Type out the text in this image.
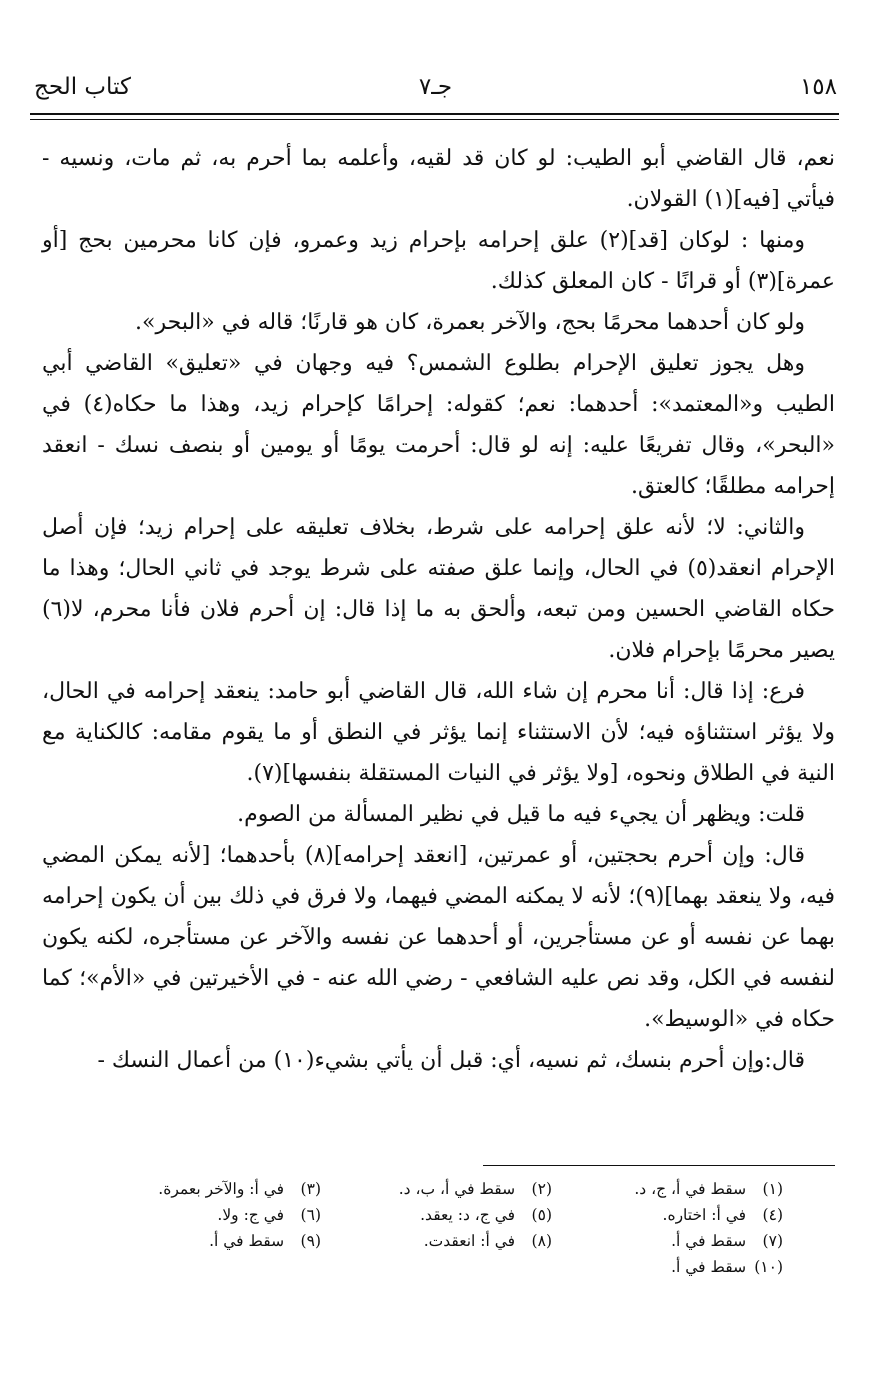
١٥٨
جـ٧
كتاب الحج

نعم، قال القاضي أبو الطيب: لو كان قد لقيه، وأعلمه بما أحرم به، ثم مات، ونسيه - فيأتي [فيه](١) القولان.

ومنها : لوكان [قد](٢) علق إحرامه بإحرام زيد وعمرو، فإن كانا محرمين بحج [أو عمرة](٣) أو قرانًا - كان المعلق كذلك.

ولو كان أحدهما محرمًا بحج، والآخر بعمرة، كان هو قارنًا؛ قاله في «البحر».

وهل يجوز تعليق الإحرام بطلوع الشمس؟ فيه وجهان في «تعليق» القاضي أبي الطيب و«المعتمد»: أحدهما: نعم؛ كقوله: إحرامًا كإحرام زيد، وهذا ما حكاه(٤) في «البحر»، وقال تفريعًا عليه: إنه لو قال: أحرمت يومًا أو يومين أو بنصف نسك - انعقد إحرامه مطلقًا؛ كالعتق.

والثاني: لا؛ لأنه علق إحرامه على شرط، بخلاف تعليقه على إحرام زيد؛ فإن أصل الإحرام انعقد(٥) في الحال، وإنما علق صفته على شرط يوجد في ثاني الحال؛ وهذا ما حكاه القاضي الحسين ومن تبعه، وألحق به ما إذا قال: إن أحرم فلان فأنا محرم، لا(٦) يصير محرمًا بإحرام فلان.

فرع: إذا قال: أنا محرم إن شاء الله، قال القاضي أبو حامد: ينعقد إحرامه في الحال، ولا يؤثر استثناؤه فيه؛ لأن الاستثناء إنما يؤثر في النطق أو ما يقوم مقامه: كالكناية مع النية في الطلاق ونحوه، [ولا يؤثر في النيات المستقلة بنفسها](٧).

قلت: ويظهر أن يجيء فيه ما قيل في نظير المسألة من الصوم.

قال: وإن أحرم بحجتين، أو عمرتين، [انعقد إحرامه](٨) بأحدهما؛ [لأنه يمكن المضي فيه، ولا ينعقد بهما](٩)؛ لأنه لا يمكنه المضي فيهما، ولا فرق في ذلك بين أن يكون إحرامه بهما عن نفسه أو عن مستأجرين، أو أحدهما عن نفسه والآخر عن مستأجره، لكنه يكون لنفسه في الكل، وقد نص عليه الشافعي - رضي الله عنه - في الأخيرتين في «الأم»؛ كما حكاه في «الوسيط».

قال:وإن أحرم بنسك، ثم نسيه، أي: قبل أن يأتي بشيء(١٠) من أعمال النسك -

(١) سقط في أ، ج، د.
(٢) سقط في أ، ب، د.
(٣) في أ: والآخر بعمرة.
(٤) في أ: اختاره.
(٥) في ج، د: يعقد.
(٦) في ج: ولا.
(٧) سقط في أ.
(٨) في أ: انعقدت.
(٩) سقط في أ.
(١٠) سقط في أ.
